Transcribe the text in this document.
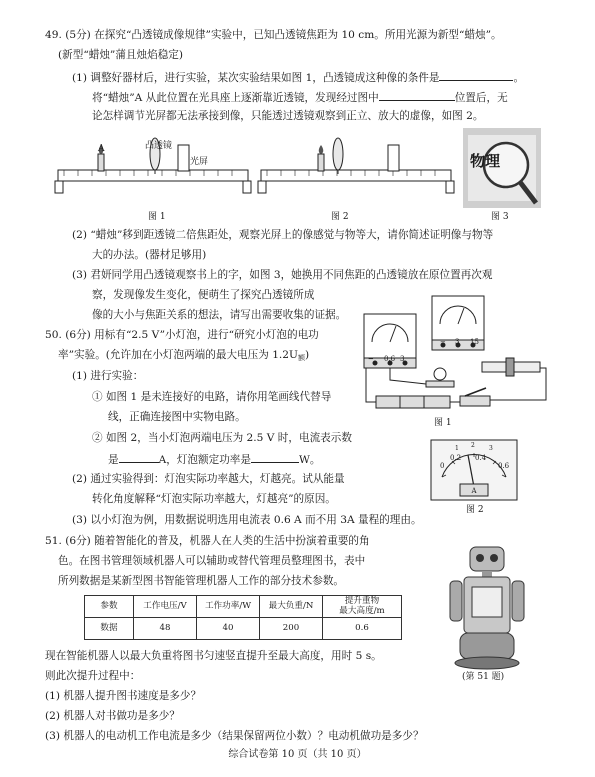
49. (5分) 在探究“凸透镜成像规律”实验中，已知凸透镜焦距为 10 cm。所用光源为新型“蜡烛”。
(新型“蜡烛”蒲且烛焰稳定)
(1) 调整好器材后，进行实验，某次实验结果如图 1，凸透镜成这种像的条件是	。
将“蜡烛”A 从此位置在光具座上逐渐靠近透镜，发现经过图中	位置后，无
论怎样调节光屏都无法承接到像，只能透过透镜观察到正立、放大的虚像，如图 2。
A	凸透镜
光屏
图 1	图 2
物理
图 3
(2) “蜡烛”移到距透镜二倍焦距处，观察光屏上的像感觉与物等大，请你简述证明像与物等
大的办法。(器材足够用)
(3) 君妍同学用凸透镜观察书上的字，如图 3，她换用不同焦距的凸透镜放在原位置再次观
察，发现像发生变化，便萌生了探究凸透镜所成
像的大小与焦距关系的想法，请写出需要收集的证据。
50. (6分) 用标有“2.5 V”小灯泡，进行“研究小灯泡的电功
率”实验。(允许加在小灯泡两端的最大电压为 1.2U额)
(1) 进行实验：
① 如图 1 是未连接好的电路，请你用笔画线代替导
线，正确连接图中实物电路。
② 如图 2，当小灯泡两端电压为 2.5 V 时，电流表示数
是	A，灯泡额定功率是	W。
(2) 通过实验得到：灯泡实际功率越大，灯越亮。试从能量
转化角度解释“灯泡实际功率越大，灯越亮”的原因。
(3) 以小灯泡为例，用数据说明选用电流表 0.6 A 而不用 3A 量程的理由。
− 0.6 3
− 3 15
图 1
A
0
0.2 0.4
0.6
1 2 3
图 2
51. (6分) 随着智能化的普及，机器人在人类的生活中扮演着重要的角
色。在图书管理领域机器人可以辅助或替代管理员整理图书，表中
所列数据是某新型图书智能管理机器人工作的部分技术参数。
参数	工作电压/V	工作功率/W	最大负重/N	提升重物
最大高度/m
数据	48	40	200	0.6
(第 51 题)
现在智能机器人以最大负重将图书匀速竖直提升至最大高度，用时 5 s。
则此次提升过程中：
(1) 机器人提升图书速度是多少？
(2) 机器人对书做功是多少？
(3) 机器人的电动机工作电流是多少（结果保留两位小数）？电动机做功是多少？
综合试卷第 10 页（共 10 页）
